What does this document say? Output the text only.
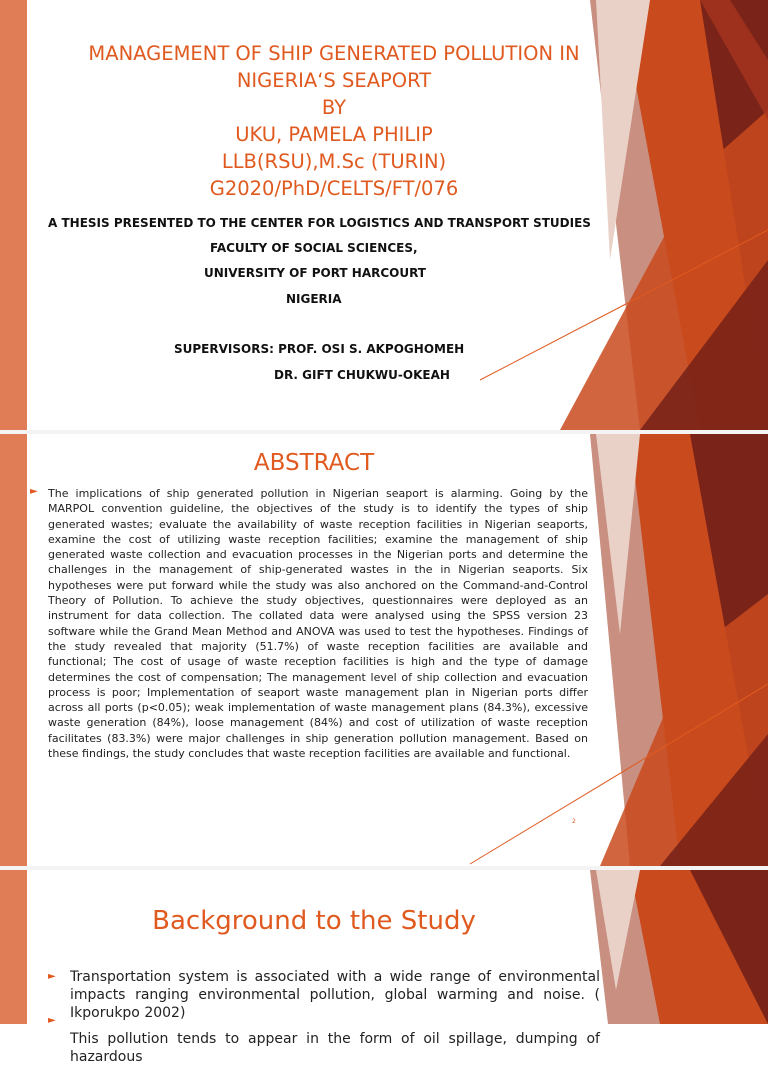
MANAGEMENT OF SHIP GENERATED POLLUTION IN
NIGERIA‘S SEAPORT
BY
UKU, PAMELA PHILIP
LLB(RSU),M.Sc (TURIN)
G2020/PhD/CELTS/FT/076
A THESIS PRESENTED TO THE CENTER FOR LOGISTICS AND TRANSPORT STUDIES
FACULTY OF SOCIAL SCIENCES,
UNIVERSITY OF PORT HARCOURT
NIGERIA
SUPERVISORS: PROF. OSI S. AKPOGHOMEH
DR. GIFT CHUKWU-OKEAH
ABSTRACT
► The implications of ship generated pollution in Nigerian seaport is alarming. Going by the MARPOL convention guideline, the objectives of the study is to identify the types of ship generated wastes; evaluate the availability of waste reception facilities in Nigerian seaports, examine the cost of utilizing waste reception facilities; examine the management of ship generated waste collection and evacuation processes in the Nigerian ports and determine the challenges in the management of ship-generated wastes in the in Nigerian seaports. Six hypotheses were put forward while the study was also anchored on the Command-and-Control Theory of Pollution. To achieve the study objectives, questionnaires were deployed as an instrument for data collection. The collated data were analysed using the SPSS version 23 software while the Grand Mean Method and ANOVA was used to test the hypotheses. Findings of the study revealed that majority (51.7%) of waste reception facilities are available and functional; The cost of usage of waste reception facilities is high and the type of damage determines the cost of compensation; The management level of ship collection and evacuation process is poor; Implementation of seaport waste management plan in Nigerian ports differ across all ports (p<0.05); weak implementation of waste management plans (84.3%), excessive waste generation (84%), loose management (84%) and cost of utilization of waste reception facilitates (83.3%) were major challenges in ship generation pollution management. Based on these findings, the study concludes that waste reception facilities are available and functional.
2
Background to the Study
►
►
Transportation system is associated with a wide range of environmental impacts ranging environmental pollution, global warming and noise. ( Ikporukpo 2002)
This pollution tends to appear in the form of oil spillage, dumping of hazardous
